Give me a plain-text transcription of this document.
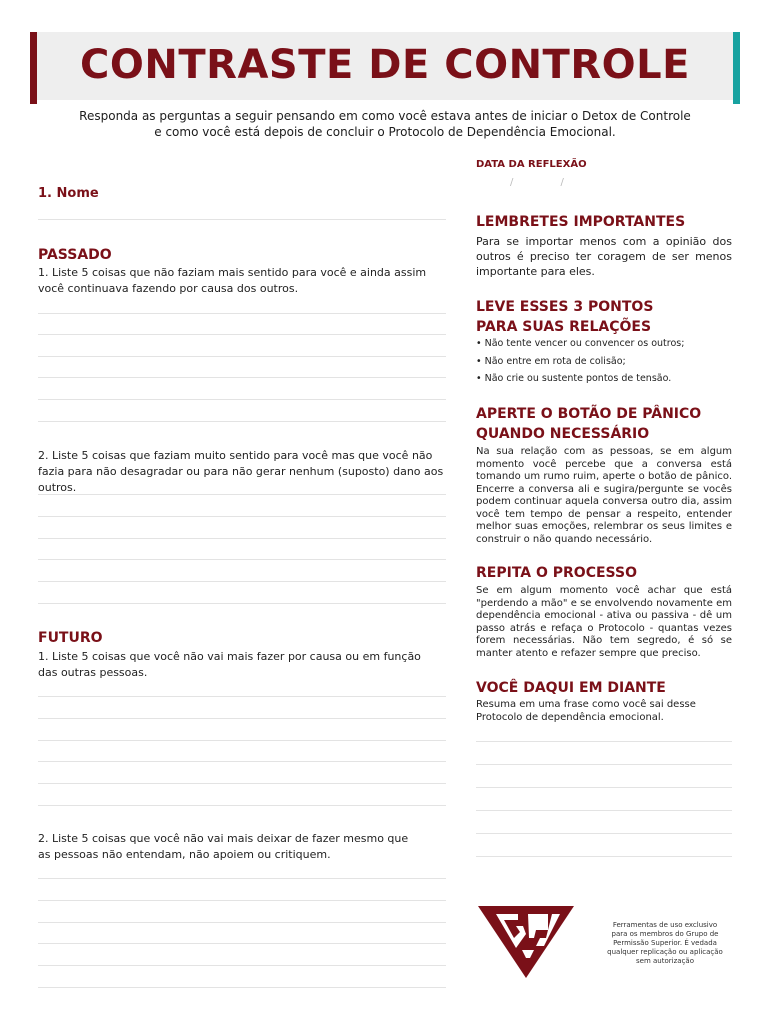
CONTRASTE DE CONTROLE
Responda as perguntas a seguir pensando em como você estava antes de iniciar o Detox de Controle
e como você está depois de concluir o Protocolo de Dependência Emocional.
DATA DA REFLEXÃO
/ /
1. Nome
PASSADO
1. Liste 5 coisas que não faziam mais sentido para você e ainda assim você continuava fazendo por causa dos outros.
2. Liste 5 coisas que faziam muito sentido para você mas que você não fazia para não desagradar ou para não gerar nenhum (suposto) dano aos outros.
FUTURO
1. Liste 5 coisas que você não vai mais fazer por causa ou em função
das outras pessoas.
2. Liste 5 coisas que você não vai mais deixar de fazer mesmo que as pessoas não entendam, não apoiem ou critiquem.
LEMBRETES IMPORTANTES
Para se importar menos com a opinião dos outros é preciso ter coragem de ser menos importante para eles.
LEVE ESSES 3 PONTOS
PARA SUAS RELAÇÕES
• Não tente vencer ou convencer os outros;
• Não entre em rota de colisão;
• Não crie ou sustente pontos de tensão.
APERTE O BOTÃO DE PÂNICO
QUANDO NECESSÁRIO
Na sua relação com as pessoas, se em algum momento você percebe que a conversa está tomando um rumo ruim, aperte o botão de pânico. Encerre a conversa ali e sugira/pergunte se vocês podem continuar aquela conversa outro dia, assim você tem tempo de pensar a respeito, entender melhor suas emoções, relembrar os seus limites e construir o não quando necessário.
REPITA O PROCESSO
Se em algum momento você achar que está "perdendo a mão" e se envolvendo novamente em dependência emocional - ativa ou passiva - dê um passo atrás e refaça o Protocolo - quantas vezes forem necessárias. Não tem segredo, é só se manter atento e refazer sempre que preciso.
VOCÊ DAQUI EM DIANTE
Resuma em uma frase como você sai desse
Protocolo de dependência emocional.
Ferramentas de uso exclusivo para os membros do Grupo de Permissão Superior. É vedada qualquer replicação ou aplicação sem autorização
